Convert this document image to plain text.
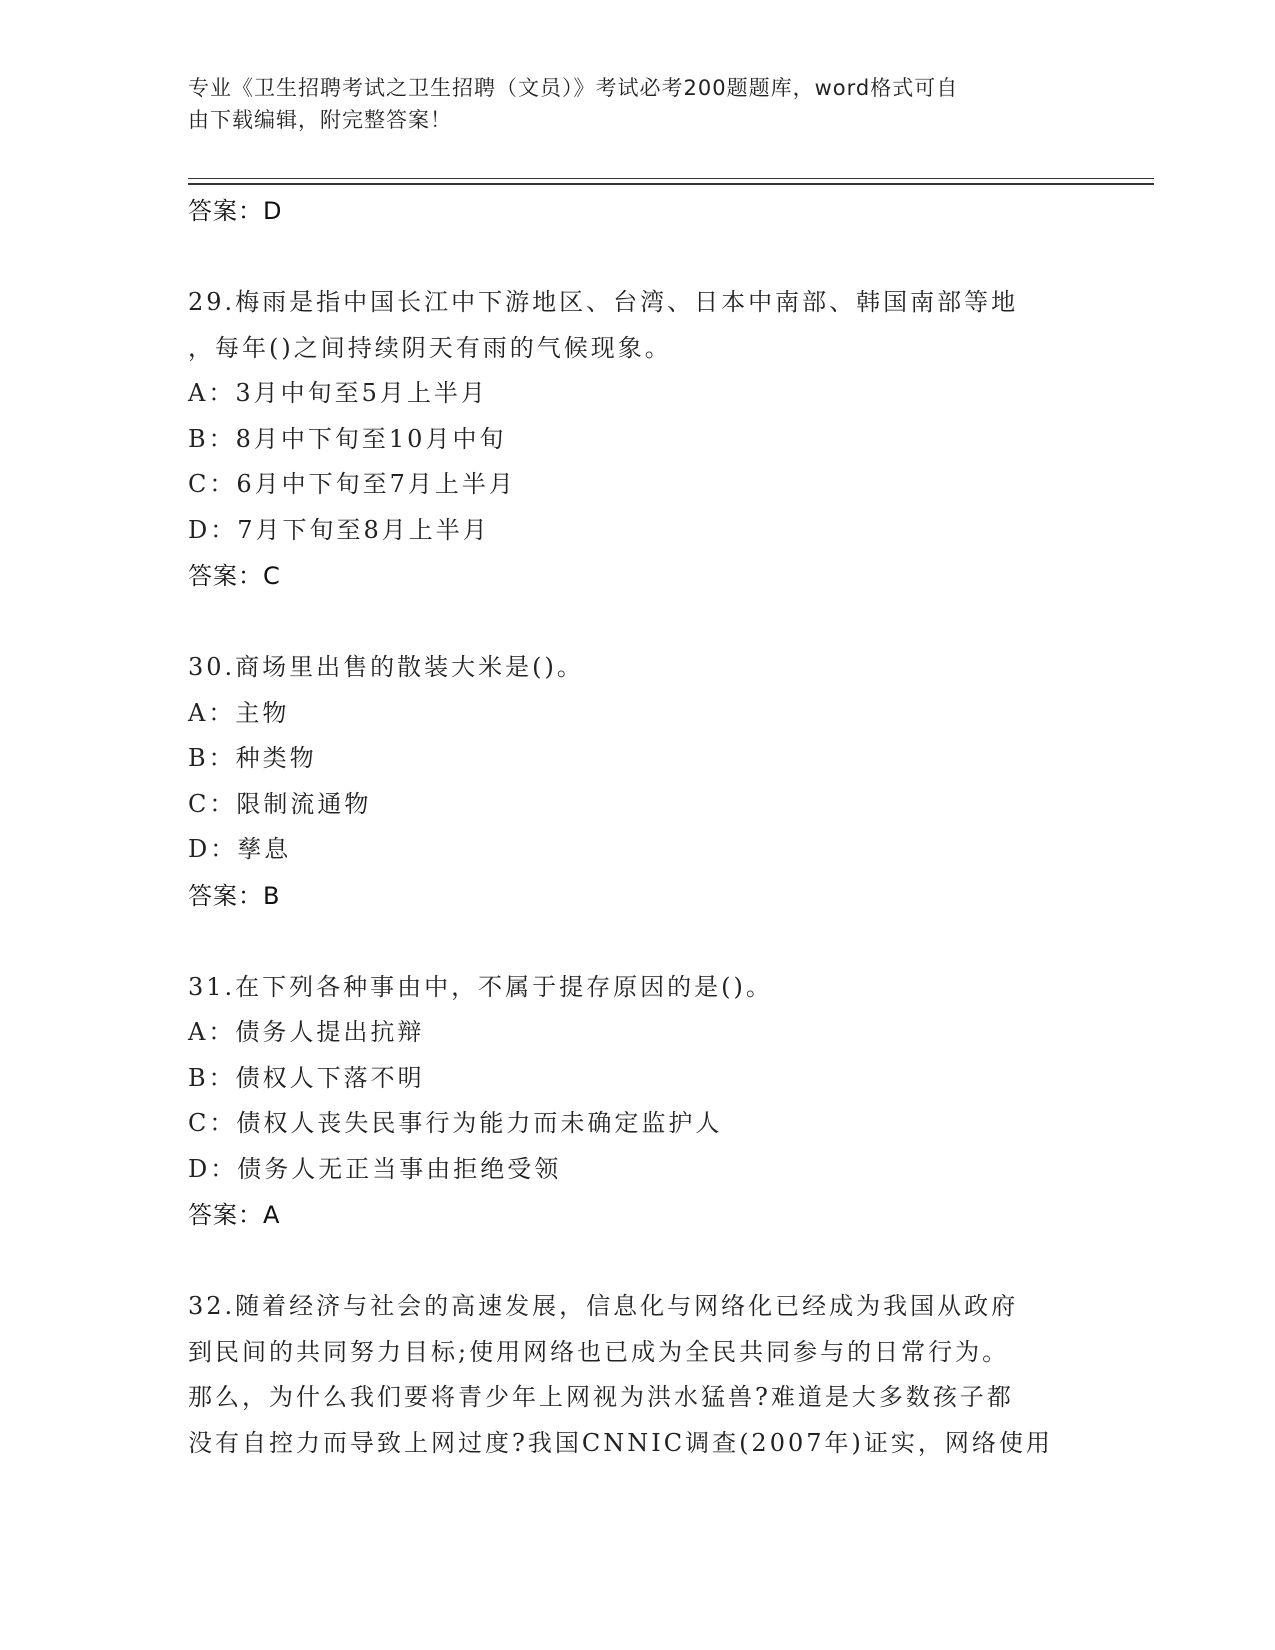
专业《卫生招聘考试之卫生招聘（文员）》考试必考200题题库，word格式可自
由下载编辑，附完整答案！
答案：D
29.梅雨是指中国长江中下游地区、台湾、日本中南部、韩国南部等地
，每年()之间持续阴天有雨的气候现象。
A：3月中旬至5月上半月
B：8月中下旬至10月中旬
C：6月中下旬至7月上半月
D：7月下旬至8月上半月
答案：C
30.商场里出售的散装大米是()。
A：主物
B：种类物
C：限制流通物
D：孳息
答案：B
31.在下列各种事由中，不属于提存原因的是()。
A：债务人提出抗辩
B：债权人下落不明
C：债权人丧失民事行为能力而未确定监护人
D：债务人无正当事由拒绝受领
答案：A
32.随着经济与社会的高速发展，信息化与网络化已经成为我国从政府
到民间的共同努力目标;使用网络也已成为全民共同参与的日常行为。
那么，为什么我们要将青少年上网视为洪水猛兽?难道是大多数孩子都
没有自控力而导致上网过度?我国CNNIC调查(2007年)证实，网络使用
